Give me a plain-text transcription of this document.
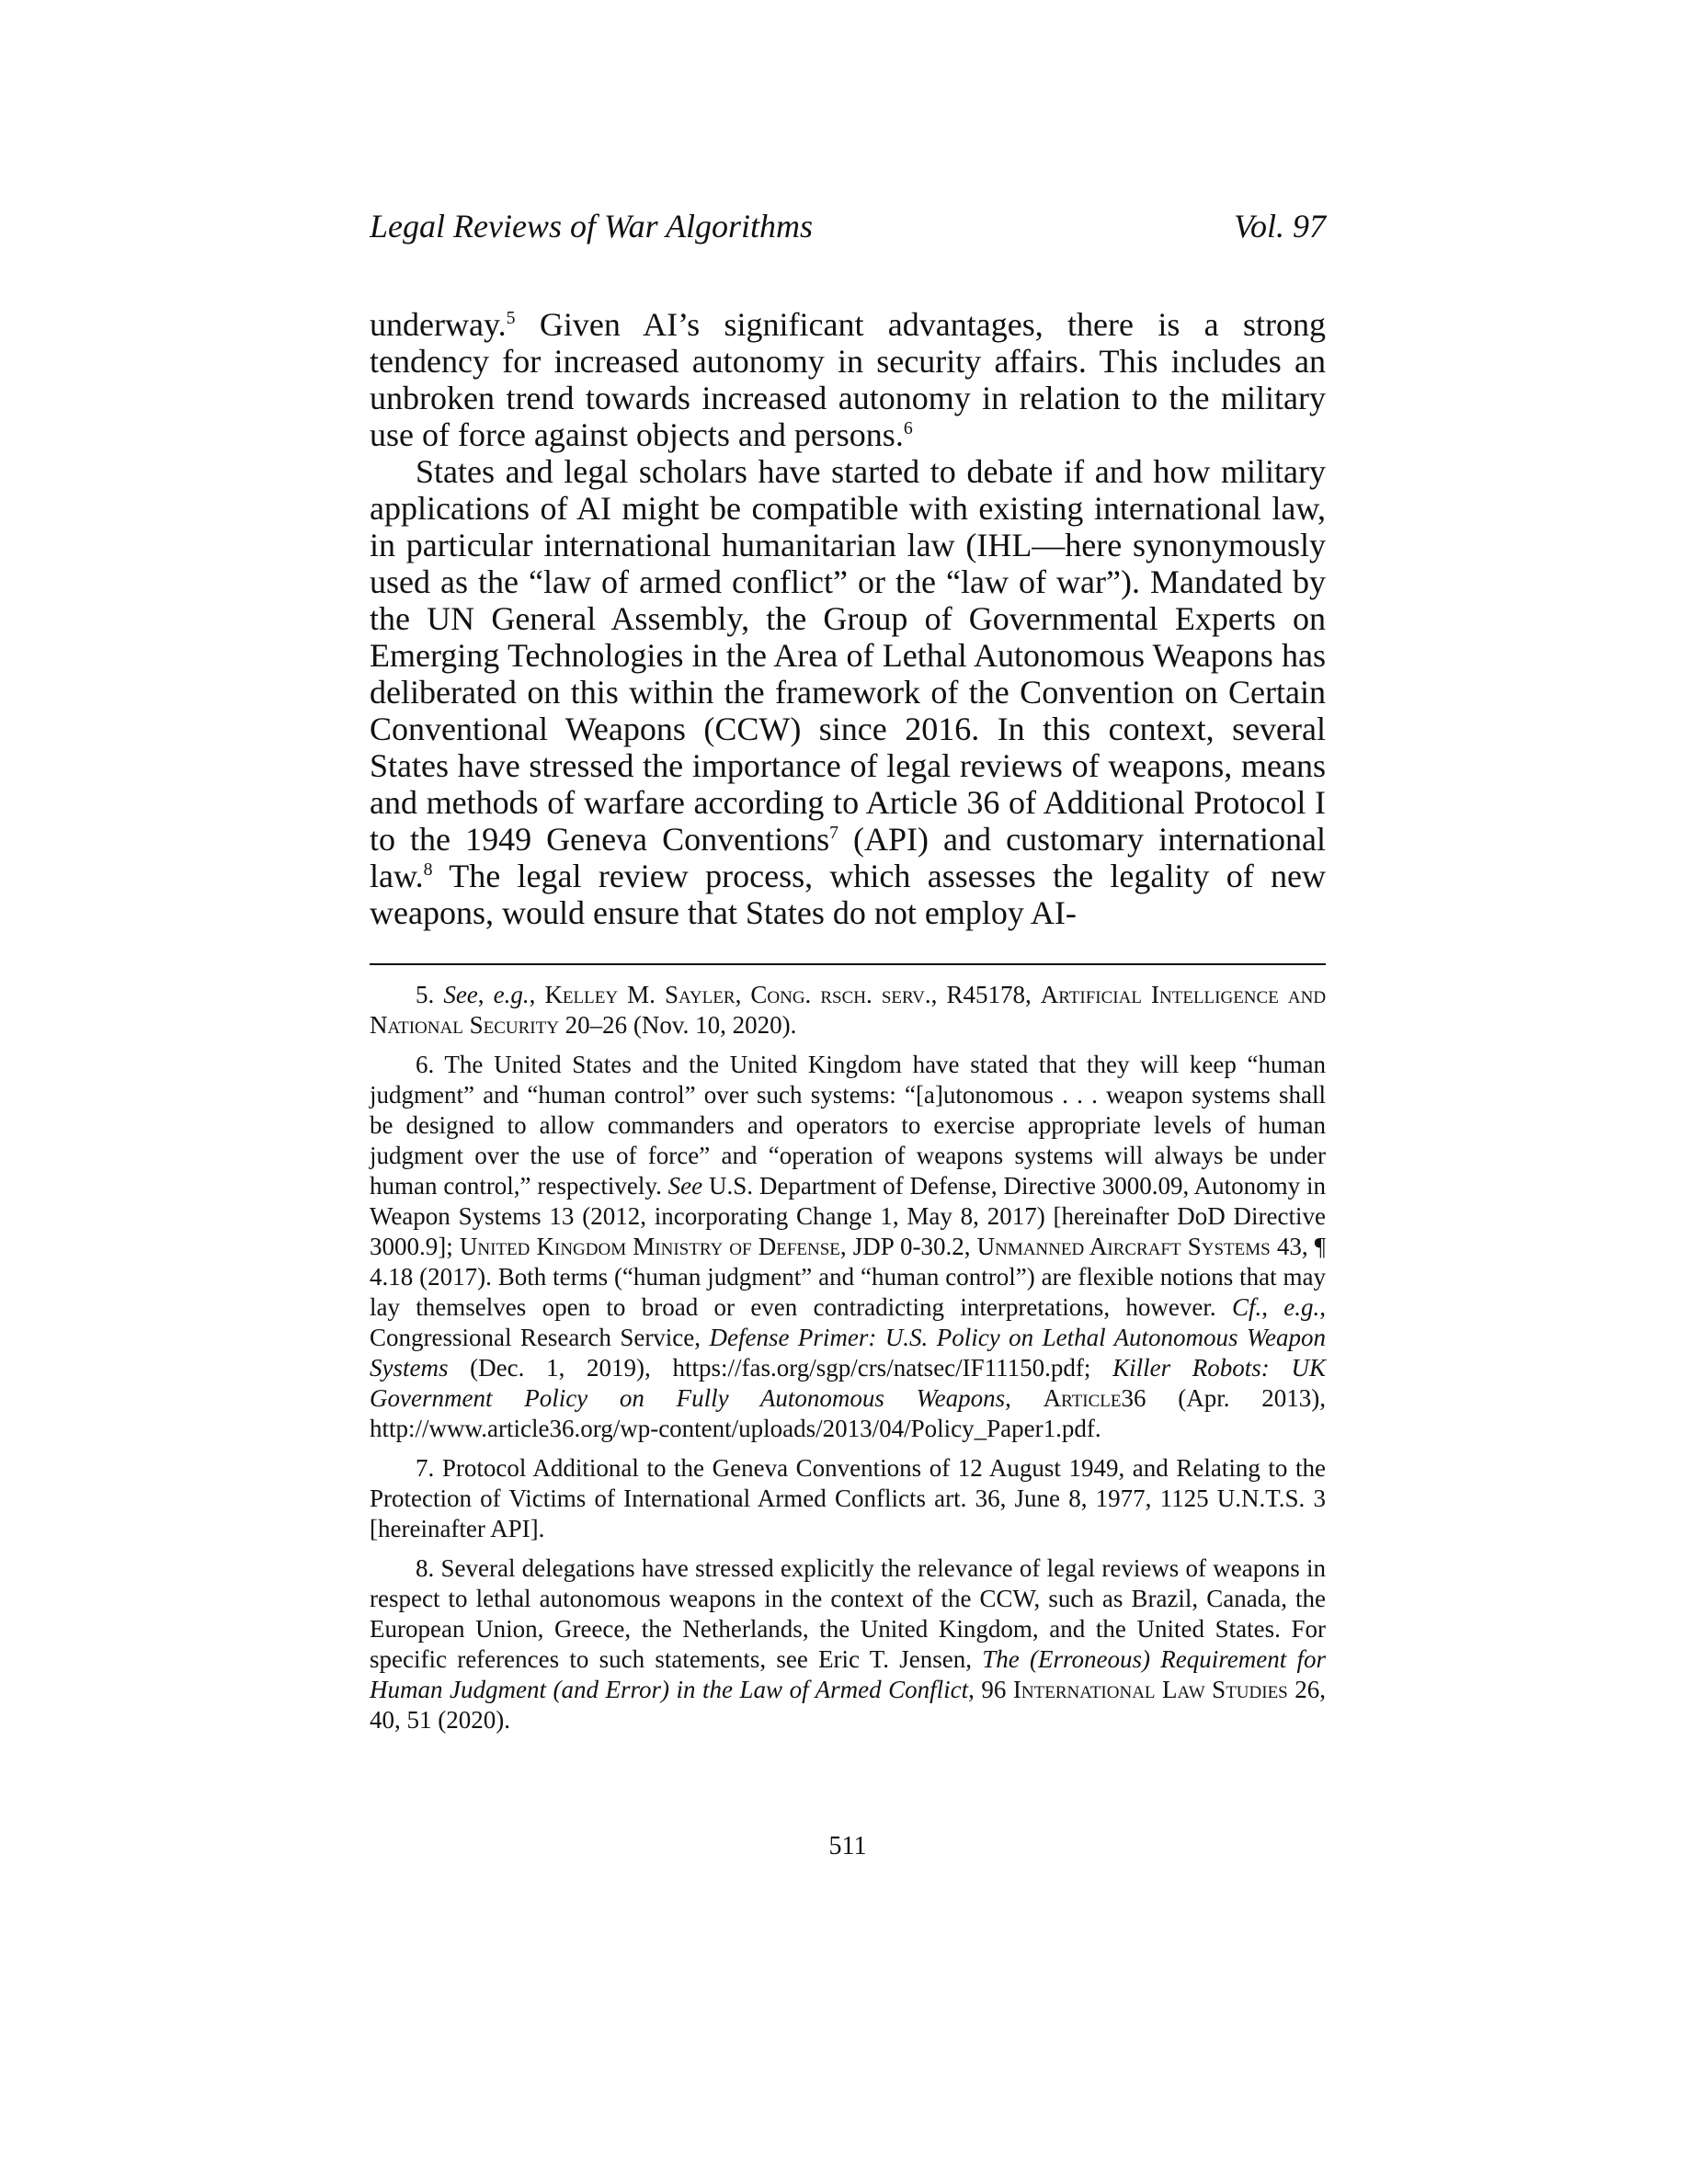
Legal Reviews of War Algorithms	Vol. 97

underway.$^5$ Given AI’s significant advantages, there is a strong tendency for increased autonomy in security affairs. This includes an unbroken trend towards increased autonomy in relation to the military use of force against objects and persons.$^6$

States and legal scholars have started to debate if and how military applications of AI might be compatible with existing international law, in particular international humanitarian law (IHL—here synonymously used as the “law of armed conflict” or the “law of war”). Mandated by the UN General Assembly, the Group of Governmental Experts on Emerging Technologies in the Area of Lethal Autonomous Weapons has deliberated on this within the framework of the Convention on Certain Conventional Weapons (CCW) since 2016. In this context, several States have stressed the importance of legal reviews of weapons, means and methods of warfare according to Article 36 of Additional Protocol I to the 1949 Geneva Conventions$^7$ (API) and customary international law.$^8$ The legal review process, which assesses the legality of new weapons, would ensure that States do not employ AI-

5. See, e.g., Kelley M. Sayler, Cong. rsch. serv., R45178, Artificial Intelligence and National Security 20–26 (Nov. 10, 2020).

6. The United States and the United Kingdom have stated that they will keep “human judgment” and “human control” over such systems: “[a]utonomous . . . weapon systems shall be designed to allow commanders and operators to exercise appropriate levels of human judgment over the use of force” and “operation of weapons systems will always be under human control,” respectively. See U.S. Department of Defense, Directive 3000.09, Autonomy in Weapon Systems 13 (2012, incorporating Change 1, May 8, 2017) [hereinafter DoD Directive 3000.9]; United Kingdom Ministry of Defense, JDP 0-30.2, Unmanned Aircraft Systems 43, ¶ 4.18 (2017). Both terms (“human judgment” and “human control”) are flexible notions that may lay themselves open to broad or even contradicting interpretations, however. Cf., e.g., Congressional Research Service, Defense Primer: U.S. Policy on Lethal Autonomous Weapon Systems (Dec. 1, 2019), https://fas.org/sgp/crs/natsec/IF11150.pdf; Killer Robots: UK Government Policy on Fully Autonomous Weapons, Article36 (Apr. 2013), http://www.article36.org/wp-content/uploads/2013/04/Policy_Paper1.pdf.

7. Protocol Additional to the Geneva Conventions of 12 August 1949, and Relating to the Protection of Victims of International Armed Conflicts art. 36, June 8, 1977, 1125 U.N.T.S. 3 [hereinafter API].

8. Several delegations have stressed explicitly the relevance of legal reviews of weapons in respect to lethal autonomous weapons in the context of the CCW, such as Brazil, Canada, the European Union, Greece, the Netherlands, the United Kingdom, and the United States. For specific references to such statements, see Eric T. Jensen, The (Erroneous) Requirement for Human Judgment (and Error) in the Law of Armed Conflict, 96 International Law Studies 26, 40, 51 (2020).

511
